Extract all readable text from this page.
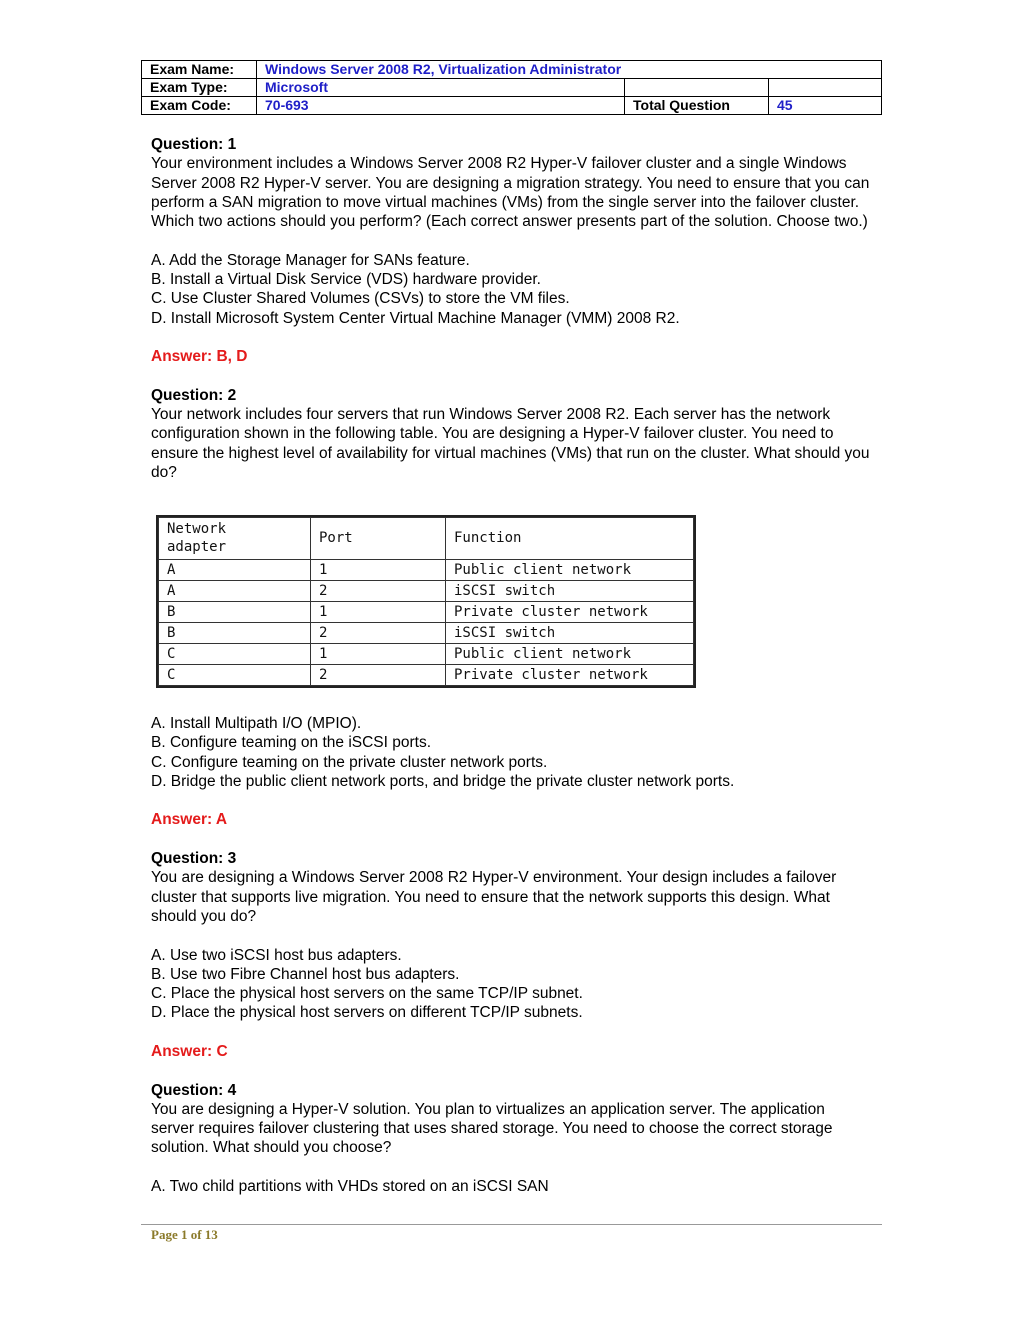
Exam Name:	Windows Server 2008 R2, Virtualization Administrator		
Exam Type:	Microsoft		
Exam Code:	70-693	Total Question	45

Question: 1

Your environment includes a Windows Server 2008 R2 Hyper-V failover cluster and a single Windows Server 2008 R2 Hyper-V server. You are designing a migration strategy. You need to ensure that you can perform a SAN migration to move virtual machines (VMs) from the single server into the failover cluster. Which two actions should you perform? (Each correct answer presents part of the solution. Choose two.)

A. Add the Storage Manager for SANs feature.

B. Install a Virtual Disk Service (VDS) hardware provider.

C. Use Cluster Shared Volumes (CSVs) to store the VM files.

D. Install Microsoft System Center Virtual Machine Manager (VMM) 2008 R2.

Answer: B, D

Question: 2

Your network includes four servers that run Windows Server 2008 R2. Each server has the network configuration shown in the following table. You are designing a Hyper-V failover cluster. You need to ensure the highest level of availability for virtual machines (VMs) that run on the cluster. What should you do?

Network adapter	Port	Function
A	1	Public client network
A	2	iSCSI switch
B	1	Private cluster network
B	2	iSCSI switch
C	1	Public client network
C	2	Private cluster network

A. Install Multipath I/O (MPIO).

B. Configure teaming on the iSCSI ports.

C. Configure teaming on the private cluster network ports.

D. Bridge the public client network ports, and bridge the private cluster network ports.

Answer: A

Question: 3

You are designing a Windows Server 2008 R2 Hyper-V environment. Your design includes a failover cluster that supports live migration. You need to ensure that the network supports this design. What should you do?

A. Use two iSCSI host bus adapters.

B. Use two Fibre Channel host bus adapters.

C. Place the physical host servers on the same TCP/IP subnet.

D. Place the physical host servers on different TCP/IP subnets.

Answer: C

Question: 4

You are designing a Hyper-V solution. You plan to virtualizes an application server. The application server requires failover clustering that uses shared storage. You need to choose the correct storage solution. What should you choose?

A. Two child partitions with VHDs stored on an iSCSI SAN

Page 1 of 13
